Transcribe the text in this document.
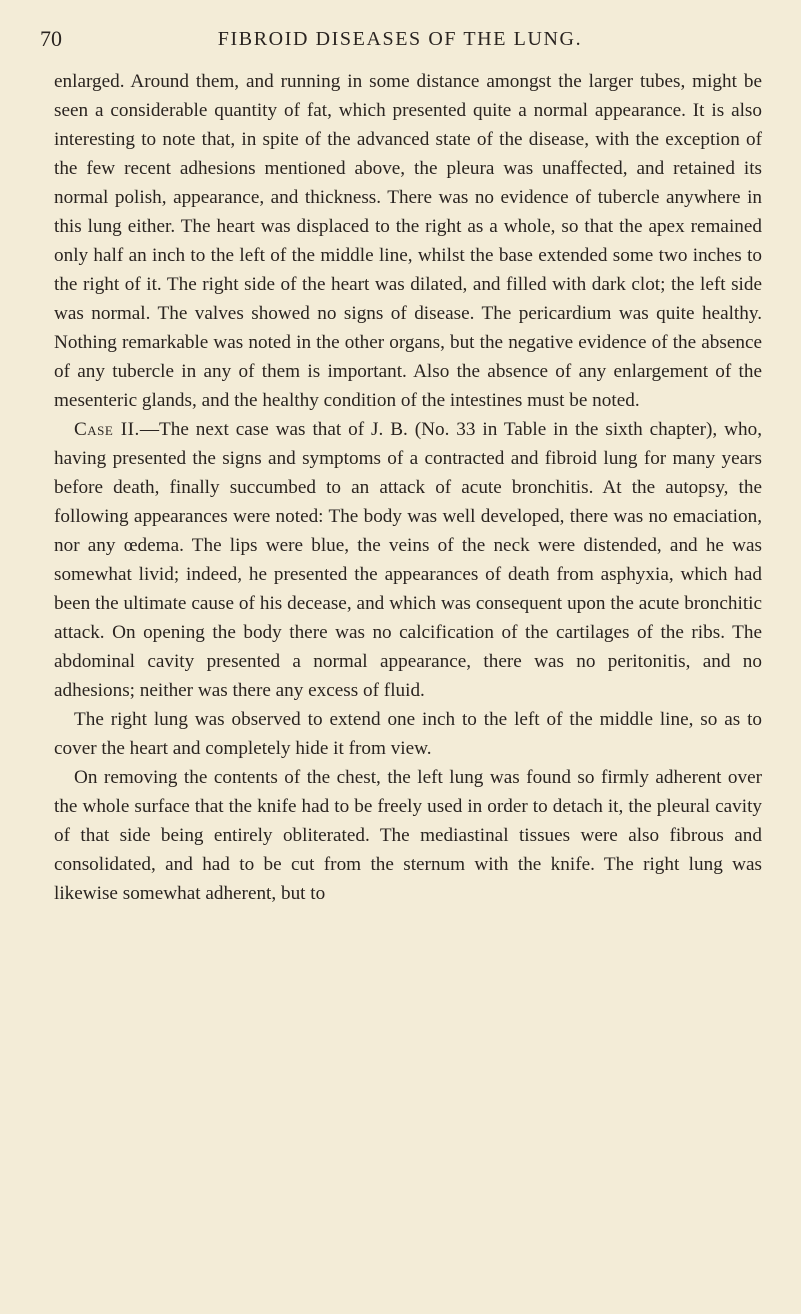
70	FIBROID DISEASES OF THE LUNG.

enlarged. Around them, and running in some distance amongst the larger tubes, might be seen a considerable quantity of fat, which presented quite a normal appearance. It is also interesting to note that, in spite of the advanced state of the disease, with the exception of the few recent adhesions mentioned above, the pleura was unaffected, and retained its normal polish, appearance, and thickness. There was no evidence of tubercle anywhere in this lung either. The heart was displaced to the right as a whole, so that the apex remained only half an inch to the left of the middle line, whilst the base extended some two inches to the right of it. The right side of the heart was dilated, and filled with dark clot; the left side was normal. The valves showed no signs of disease. The pericardium was quite healthy. Nothing remarkable was noted in the other organs, but the negative evidence of the absence of any tubercle in any of them is important. Also the absence of any enlargement of the mesenteric glands, and the healthy condition of the intestines must be noted.

Case II.—The next case was that of J. B. (No. 33 in Table in the sixth chapter), who, having presented the signs and symptoms of a contracted and fibroid lung for many years before death, finally succumbed to an attack of acute bronchitis. At the autopsy, the following appearances were noted: The body was well developed, there was no emaciation, nor any œdema. The lips were blue, the veins of the neck were distended, and he was somewhat livid; indeed, he presented the appearances of death from asphyxia, which had been the ultimate cause of his decease, and which was consequent upon the acute bronchitic attack. On opening the body there was no calcification of the cartilages of the ribs. The abdominal cavity presented a normal appearance, there was no peritonitis, and no adhesions; neither was there any excess of fluid.

The right lung was observed to extend one inch to the left of the middle line, so as to cover the heart and completely hide it from view.

On removing the contents of the chest, the left lung was found so firmly adherent over the whole surface that the knife had to be freely used in order to detach it, the pleural cavity of that side being entirely obliterated. The mediastinal tissues were also fibrous and consolidated, and had to be cut from the sternum with the knife. The right lung was likewise somewhat adherent, but to
